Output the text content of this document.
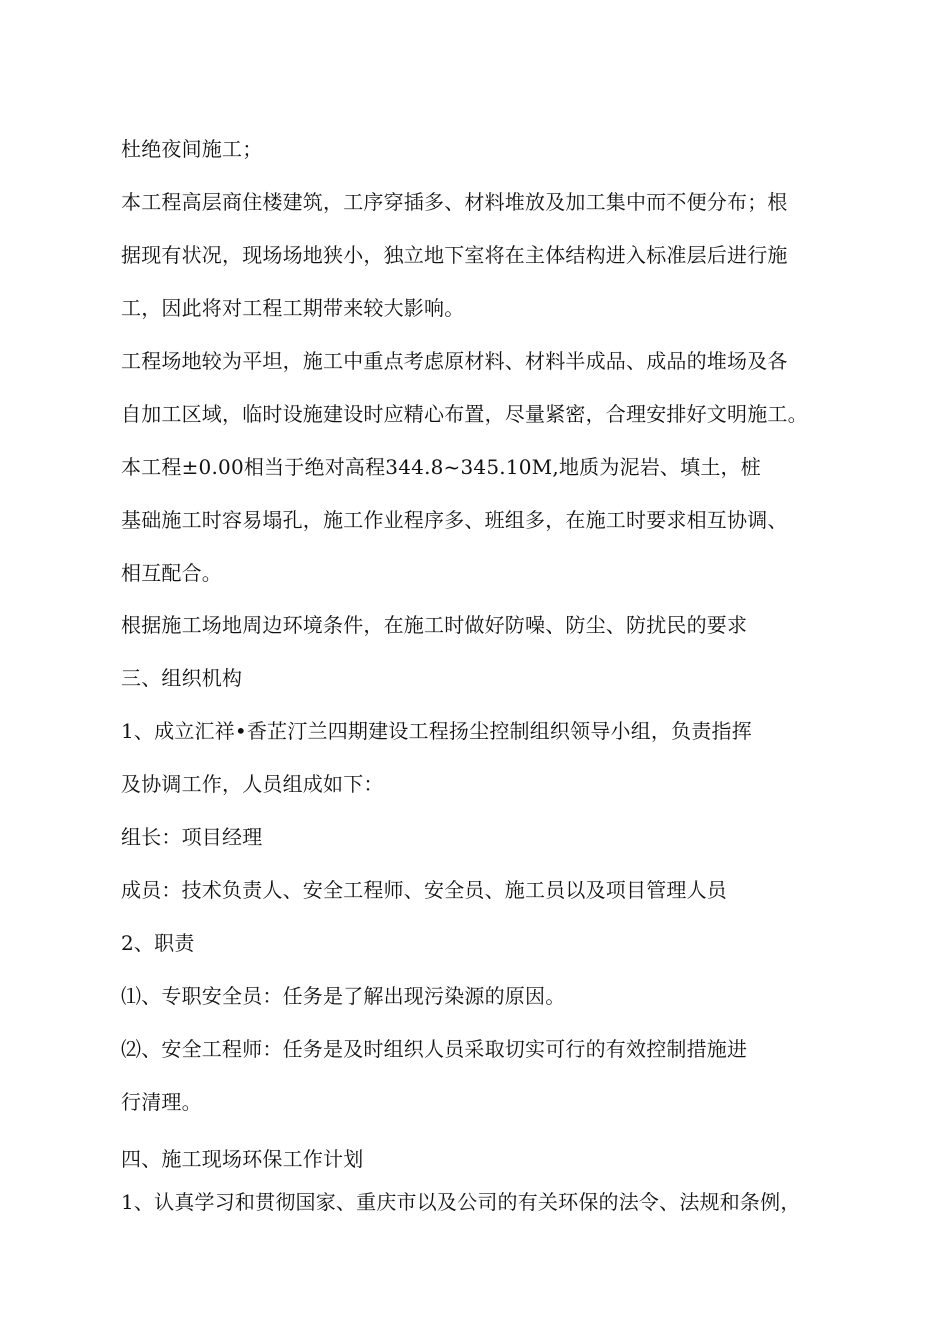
杜绝夜间施工；

本工程高层商住楼建筑，工序穿插多、材料堆放及加工集中而不便分布；根

据现有状况，现场场地狭小，独立地下室将在主体结构进入标准层后进行施

工，因此将对工程工期带来较大影响。

工程场地较为平坦，施工中重点考虑原材料、材料半成品、成品的堆场及各

自加工区域，临时设施建设时应精心布置，尽量紧密，合理安排好文明施工。

本工程±0.00相当于绝对高程344.8~345.10M,地质为泥岩、填土，桩

基础施工时容易塌孔，施工作业程序多、班组多，在施工时要求相互协调、

相互配合。

根据施工场地周边环境条件，在施工时做好防噪、防尘、防扰民的要求

三、组织机构

1、成立汇祥•香芷汀兰四期建设工程扬尘控制组织领导小组，负责指挥

及协调工作，人员组成如下：

组长：项目经理

成员：技术负责人、安全工程师、安全员、施工员以及项目管理人员

2、职责

⑴、专职安全员：任务是了解出现污染源的原因。

⑵、安全工程师：任务是及时组织人员采取切实可行的有效控制措施进

行清理。

四、施工现场环保工作计划

1、认真学习和贯彻国家、重庆市以及公司的有关环保的法令、法规和条例，
